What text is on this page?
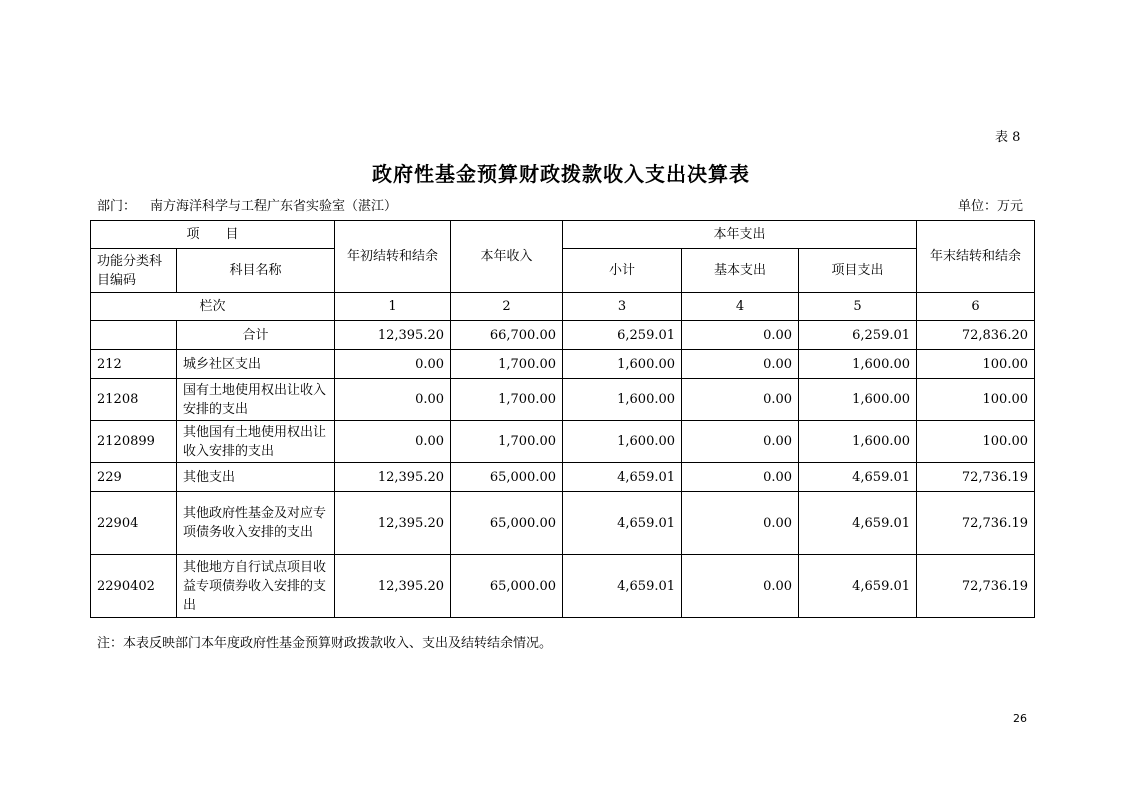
表 8
政府性基金预算财政拨款收入支出决算表
部门： 南方海洋科学与工程广东省实验室（湛江）	单位：万元
项　　目		年初结转和结余	本年收入	本年支出			年末结转和结余
功能分类科目编码	科目名称			小计	基本支出	项目支出	
栏次		1	2	3	4	5	6
	合计	12,395.20	66,700.00	6,259.01	0.00	6,259.01	72,836.20
212	城乡社区支出	0.00	1,700.00	1,600.00	0.00	1,600.00	100.00
21208	国有土地使用权出让收入安排的支出	0.00	1,700.00	1,600.00	0.00	1,600.00	100.00
2120899	其他国有土地使用权出让收入安排的支出	0.00	1,700.00	1,600.00	0.00	1,600.00	100.00
229	其他支出	12,395.20	65,000.00	4,659.01	0.00	4,659.01	72,736.19
22904	其他政府性基金及对应专项债务收入安排的支出	12,395.20	65,000.00	4,659.01	0.00	4,659.01	72,736.19
2290402	其他地方自行试点项目收益专项债券收入安排的支出	12,395.20	65,000.00	4,659.01	0.00	4,659.01	72,736.19
注：本表反映部门本年度政府性基金预算财政拨款收入、支出及结转结余情况。
26
